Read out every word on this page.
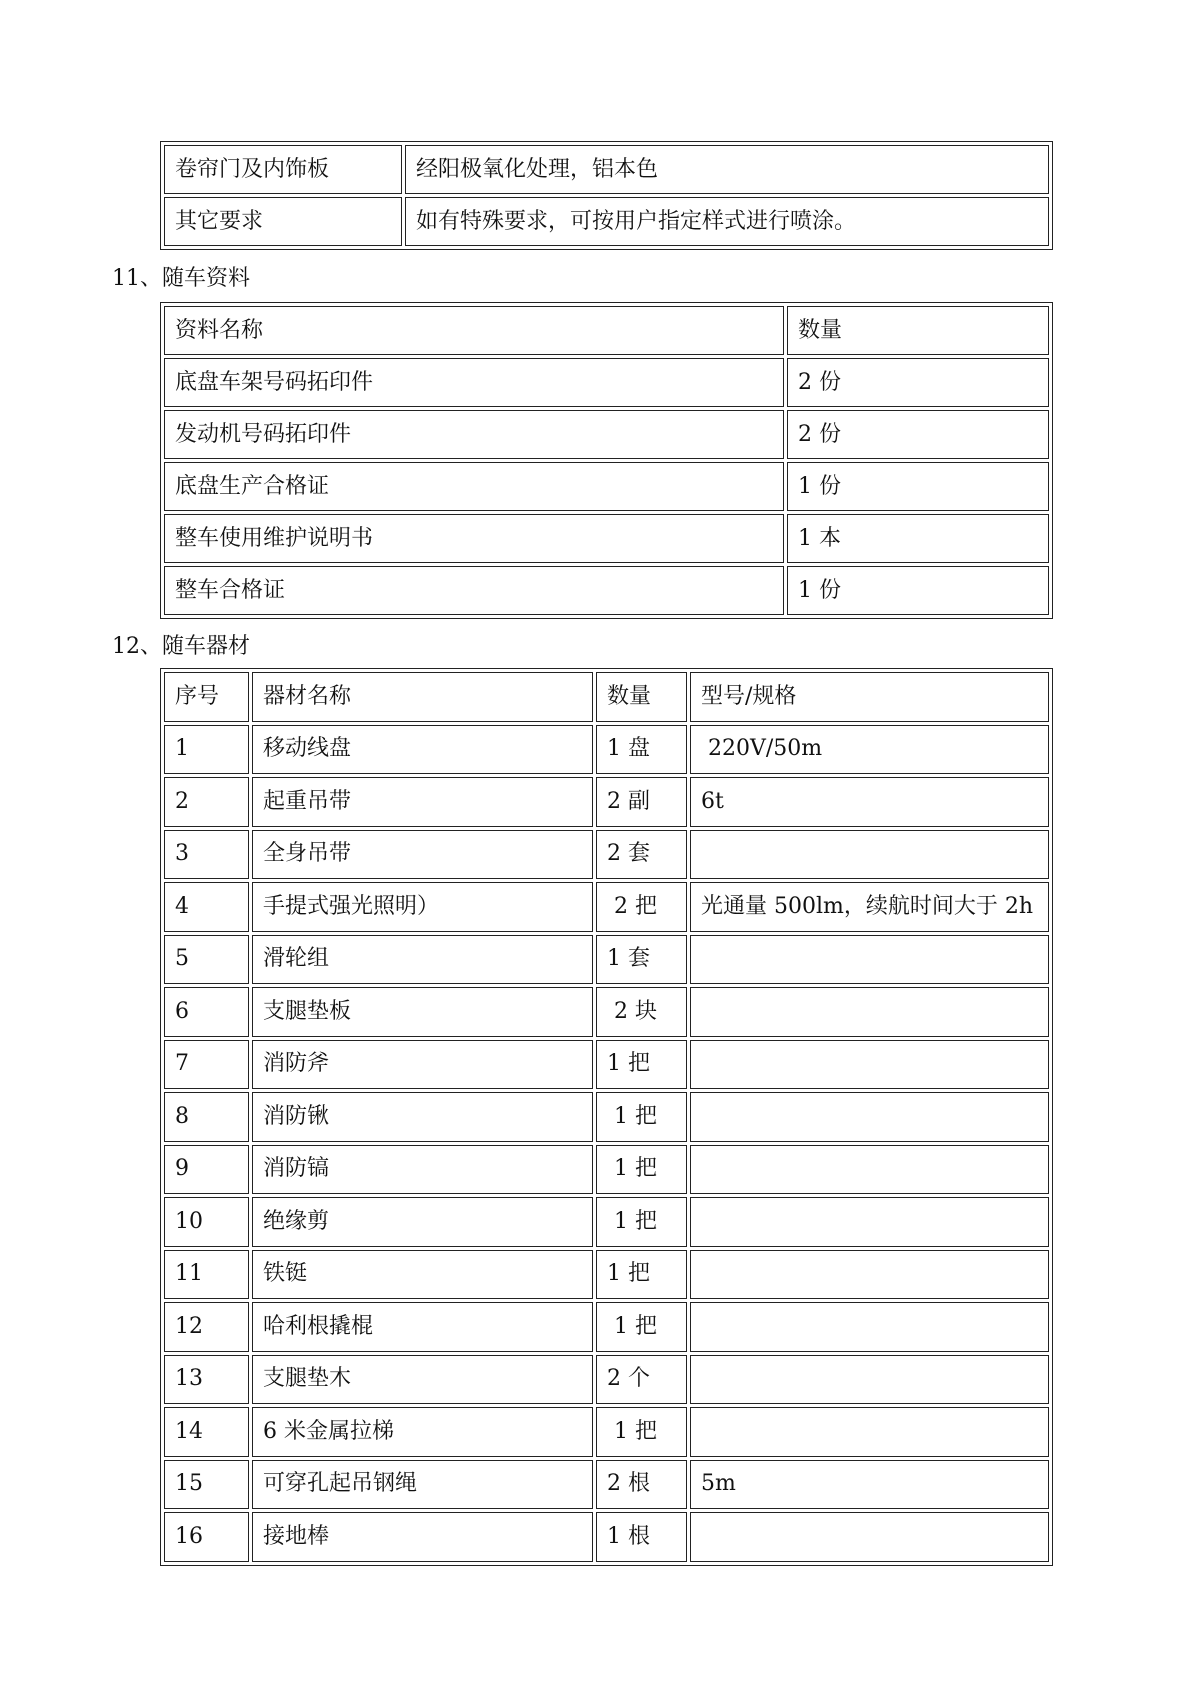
卷帘门及内饰板	经阳极氧化处理，铝本色
其它要求	如有特殊要求，可按用户指定样式进行喷涂。
11、随车资料
资料名称	数量
底盘车架号码拓印件	2 份
发动机号码拓印件	2 份
底盘生产合格证	1 份
整车使用维护说明书	1 本
整车合格证	1 份
12、随车器材
序号	器材名称	数量	型号/规格
1	移动线盘	1 盘	220V/50m
2	起重吊带	2 副	6t
3	全身吊带	2 套	
4	手提式强光照明）	2 把	光通量 500lm，续航时间大于 2h
5	滑轮组	1 套	
6	支腿垫板	2 块	
7	消防斧	1 把	
8	消防锹	1 把	
9	消防镐	1 把	
10	绝缘剪	1 把	
11	铁铤	1 把	
12	哈利根撬棍	1 把	
13	支腿垫木	2 个	
14	6 米金属拉梯	1 把	
15	可穿孔起吊钢绳	2 根	5m
16	接地棒	1 根	
